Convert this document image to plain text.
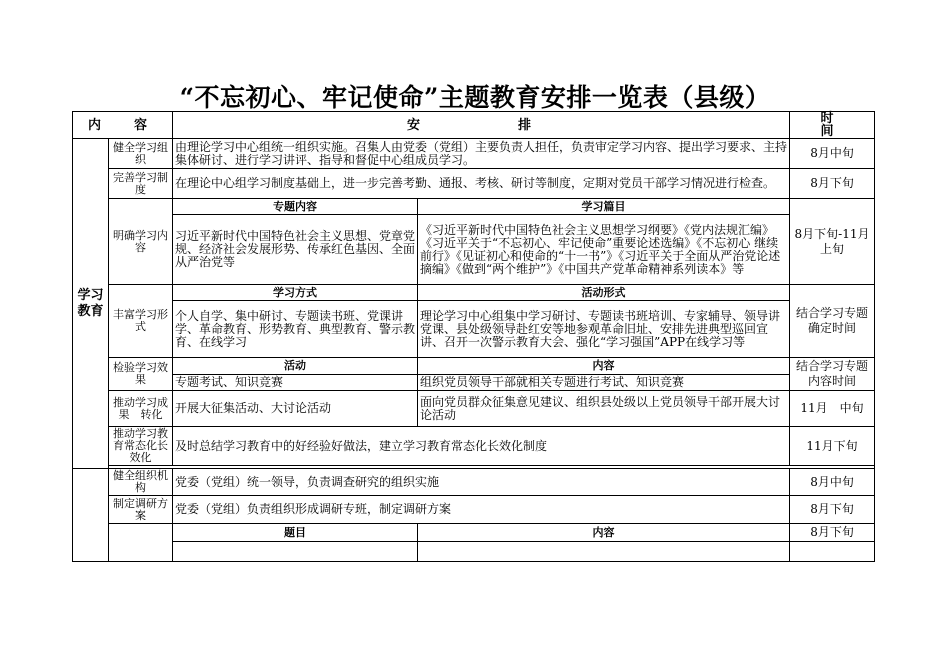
“不忘初心、牢记使命”主题教育安排一览表（县级）
内　容		安　　排		时　　间
学习
教育	健全学习组织	由理论学习中心组统一组织实施。召集人由党委（党组）主要负责人担任，负责审定学习内容、提出学习要求、主持集体研讨、进行学习讲评、指导和督促中心组成员学习。		8月中旬
	完善学习制度	在理论中心组学习制度基础上，进一步完善考勤、通报、考核、研讨等制度，定期对党员干部学习情况进行检查。		8月下旬
	明确学习内容	专题内容	学习篇目	8月下旬-11月上旬
		习近平新时代中国特色社会主义思想、党章党规、经济社会发展形势、传承红色基因、全面从严治党等	《习近平新时代中国特色社会主义思想学习纲要》《党内法规汇编》《习近平关于“不忘初心、牢记使命”重要论述选编》《不忘初心 继续前行》《见证初心和使命的“十一书”》《习近平关于全面从严治党论述摘编》《做到“两个维护”》《中国共产党革命精神系列读本》等	
	丰富学习形式	学习方式	活动形式	结合学习专题确定时间
		个人自学、集中研讨、专题读书班、党课讲学、革命教育、形势教育、典型教育、警示教育、在线学习	理论学习中心组集中学习研讨、专题读书班培训、专家辅导、领导讲党课、县处级领导赴红安等地参观革命旧址、安排先进典型巡回宣讲、召开一次警示教育大会、强化“学习强国”APP在线学习等	
	检验学习效果	活动	内容	结合学习专题内容时间
		专题考试、知识竞赛	组织党员领导干部就相关专题进行考试、知识竞赛	
	推动学习成果　转化	开展大征集活动、大讨论活动	面向党员群众征集意见建议、组织县处级以上党员领导干部开展大讨论活动	11月　中旬
	推动学习教育常态化长效化	及时总结学习教育中的好经验好做法，建立学习教育常态化长效化制度		11月下旬

	健全组织机构	党委（党组）统一领导，负责调查研究的组织实施		8月中旬
	制定调研方案	党委（党组）负责组织形成调研专班，制定调研方案		8月下旬
		题目	内容	8月下旬
